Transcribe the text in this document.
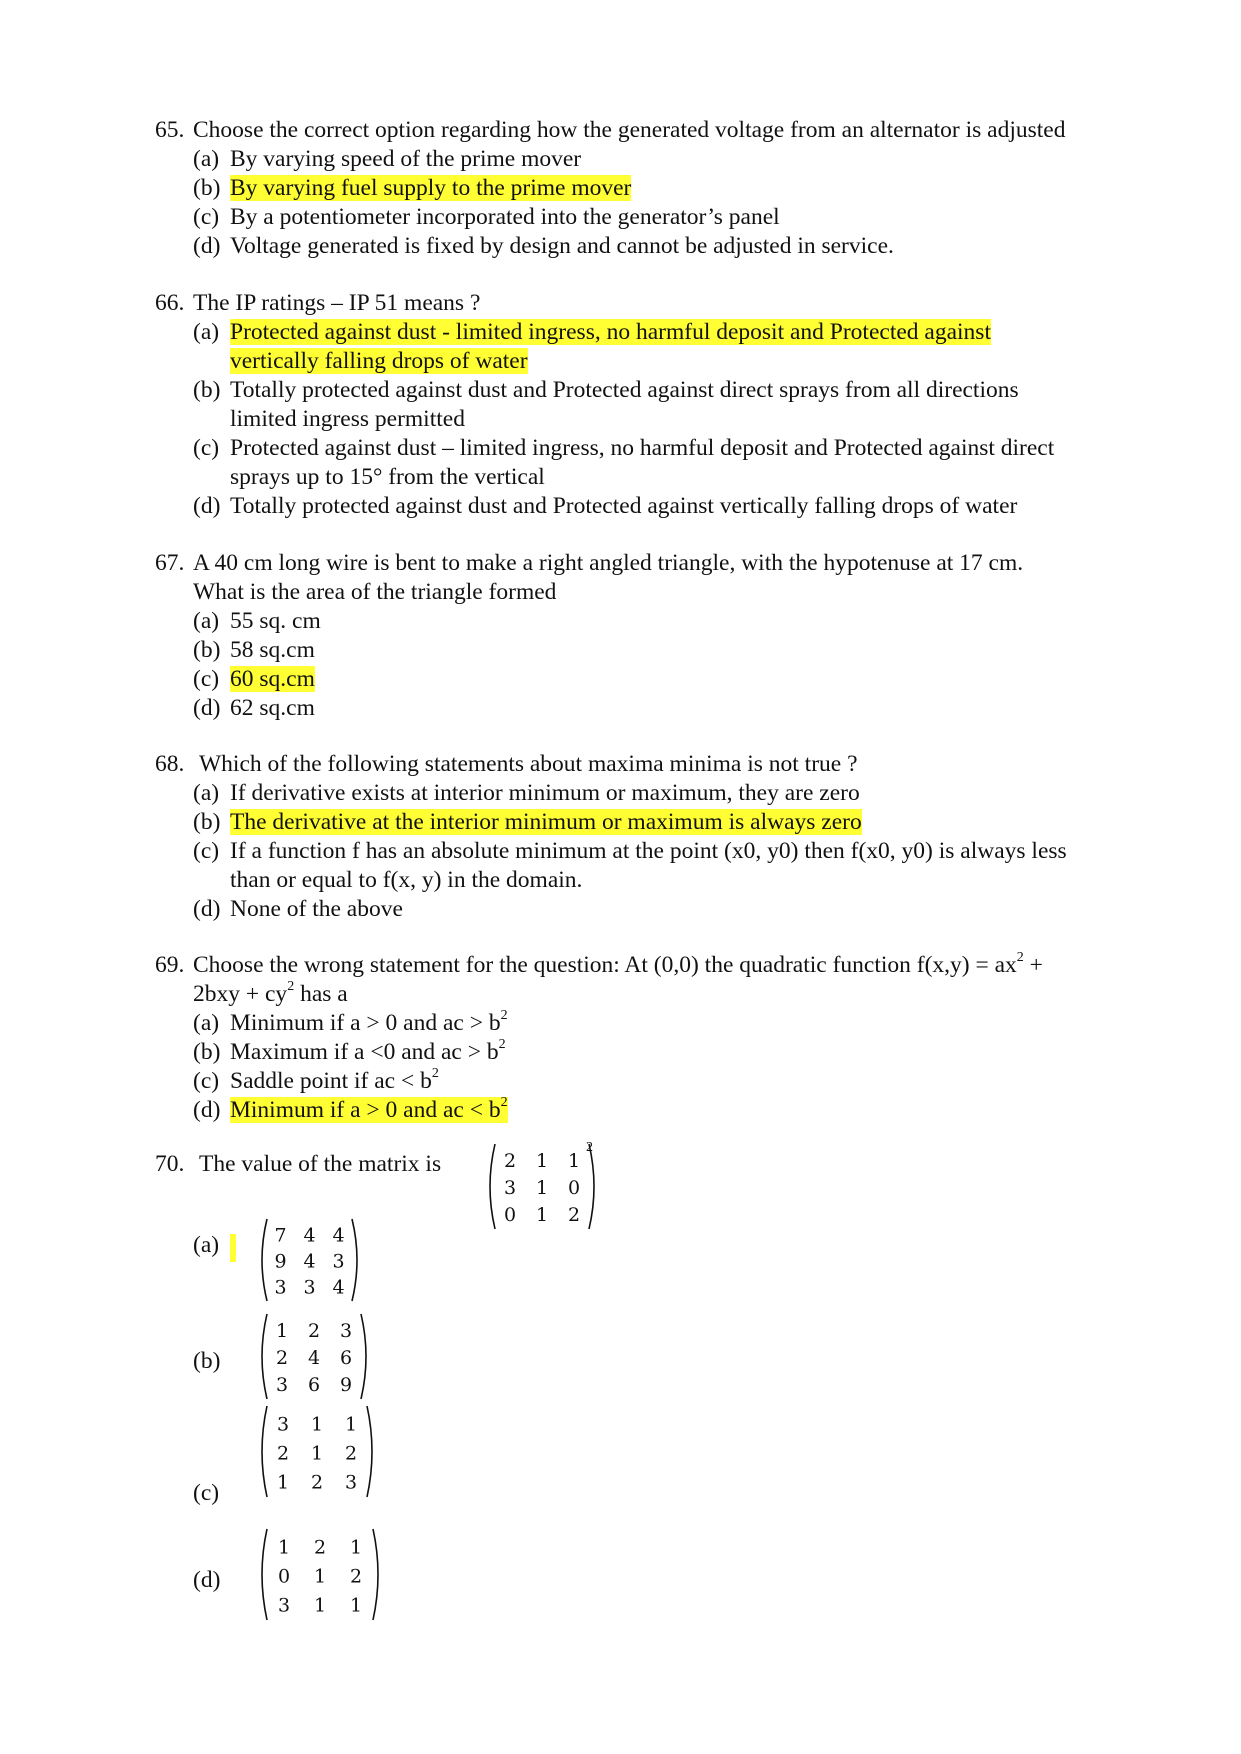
65. Choose the correct option regarding how the generated voltage from an alternator is adjusted
(a) By varying speed of the prime mover
(b) By varying fuel supply to the prime mover
(c) By a potentiometer incorporated into the generator’s panel
(d) Voltage generated is fixed by design and cannot be adjusted in service.
66. The IP ratings – IP 51 means ?
(a) Protected against dust - limited ingress, no harmful deposit and Protected against
vertically falling drops of water
(b) Totally protected against dust and Protected against direct sprays from all directions
limited ingress permitted
(c) Protected against dust – limited ingress, no harmful deposit and Protected against direct
sprays up to 15° from the vertical
(d) Totally protected against dust and Protected against vertically falling drops of water
67. A 40 cm long wire is bent to make a right angled triangle, with the hypotenuse at 17 cm.
What is the area of the triangle formed
(a) 55 sq. cm
(b) 58 sq.cm
(c) 60 sq.cm
(d) 62 sq.cm
68. Which of the following statements about maxima minima is not true ?
(a) If derivative exists at interior minimum or maximum, they are zero
(b) The derivative at the interior minimum or maximum is always zero
(c) If a function f has an absolute minimum at the point (x0, y0) then f(x0, y0) is always less
than or equal to f(x, y) in the domain.
(d) None of the above
69. Choose the wrong statement for the question: At (0,0) the quadratic function $f(x,y) = ax^2$ +
$2bxy + cy^2$ has a
(a) Minimum if a > 0 and ac > $b^2$
(b) Maximum if a <0 and ac > $b^2$
(c) Saddle point if ac < $b^2$
(d) Minimum if a > 0 and ac < $b^2$
70. The value of the matrix is	2 1 1
3 1 0
0 1 2
2
(a)
(b)
(c)
(d)
7 4 4
9 4 3
3 3 4
1 2 3
2 4 6
3 6 9
3 1 1
2 1 2
1 2 3
1 2 1
0 1 2
3 1 1
